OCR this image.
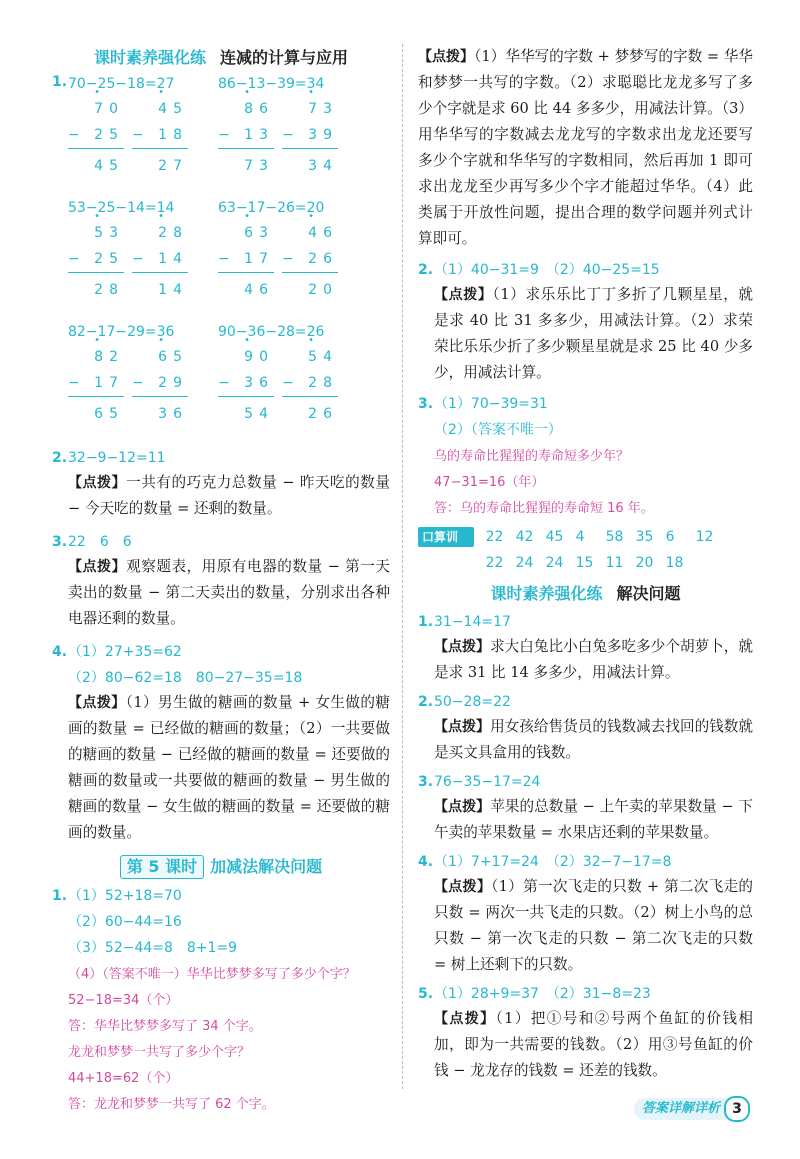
课时素养强化练 连减的计算与应用
1. 70−25−18=27
• 70
− 25
45
• 45
− 18
27
86−13−39=34
• 86
− 13
73
• 73
− 39
34
53−25−14=14
• 53
− 25
28
• 28
− 14
14
63−17−26=20
• 63
− 17
46
• 46
− 26
20
82−17−29=36
• 82
− 17
65
• 65
− 29
36
90−36−28=26
• 90
− 36
54
• 54
− 28
26
2.32−9−12=11
【点拨】一共有的巧克力总数量 − 昨天吃的数量 − 今天吃的数量 = 还剩的数量。
3.22　6　6
【点拨】观察题表，用原有电器的数量 − 第一天卖出的数量 − 第二天卖出的数量，分别求出各种电器还剩的数量。
4.（1）27+35=62
（2）80−62=18　80−27−35=18
【点拨】（1）男生做的糖画的数量 + 女生做的糖画的数量 = 已经做的糖画的数量；（2）一共要做的糖画的数量 − 已经做的糖画的数量 = 还要做的糖画的数量或一共要做的糖画的数量 − 男生做的糖画的数量 − 女生做的糖画的数量 = 还要做的糖画的数量。
第 5 课时 加减法解决问题
1.（1）52+18=70
（2）60−44=16
（3）52−44=8　8+1=9
（4）（答案不唯一）华华比梦梦多写了多少个字？
52−18=34（个）
答：华华比梦梦多写了 34 个字。
龙龙和梦梦一共写了多少个字？
44+18=62（个）
答：龙龙和梦梦一共写了 62 个字。
【点拨】（1）华华写的字数 + 梦梦写的字数 = 华华和梦梦一共写的字数。（2）求聪聪比龙龙多写了多少个字就是求 60 比 44 多多少，用减法计算。（3）用华华写的字数减去龙龙写的字数求出龙龙还要写多少个字就和华华写的字数相同，然后再加 1 即可求出龙龙至少再写多少个字才能超过华华。（4）此类属于开放性问题，提出合理的数学问题并列式计算即可。
2.（1）40−31=9　（2）40−25=15
【点拨】（1）求乐乐比丁丁多折了几颗星星，就是求 40 比 31 多多少，用减法计算。（2）求荣荣比乐乐少折了多少颗星星就是求 25 比 40 少多少，用减法计算。
3.（1）70−39=31
（2）（答案不唯一）
乌的寿命比猩猩的寿命短多少年？
47−31=16（年）
答：乌的寿命比猩猩的寿命短 16 年。
口算训练
22 42 45 4 58 35 6 1222 24 24 15 11 20 18
课时素养强化练 解决问题
1.31−14=17
【点拨】求大白兔比小白兔多吃多少个胡萝卜，就是求 31 比 14 多多少，用减法计算。
2.50−28=22
【点拨】用女孩给售货员的钱数减去找回的钱数就是买文具盒用的钱数。
3.76−35−17=24
【点拨】苹果的总数量 − 上午卖的苹果数量 − 下午卖的苹果数量 = 水果店还剩的苹果数量。
4.（1）7+17=24　（2）32−7−17=8
【点拨】（1）第一次飞走的只数 + 第二次飞走的只数 = 两次一共飞走的只数。（2）树上小鸟的总只数 − 第一次飞走的只数 − 第二次飞走的只数 = 树上还剩下的只数。
5.（1）28+9=37　（2）31−8=23
【点拨】（1）把①号和②号两个鱼缸的价钱相加，即为一共需要的钱数。（2）用③号鱼缸的价钱 − 龙龙存的钱数 = 还差的钱数。
答案详解详析 3
